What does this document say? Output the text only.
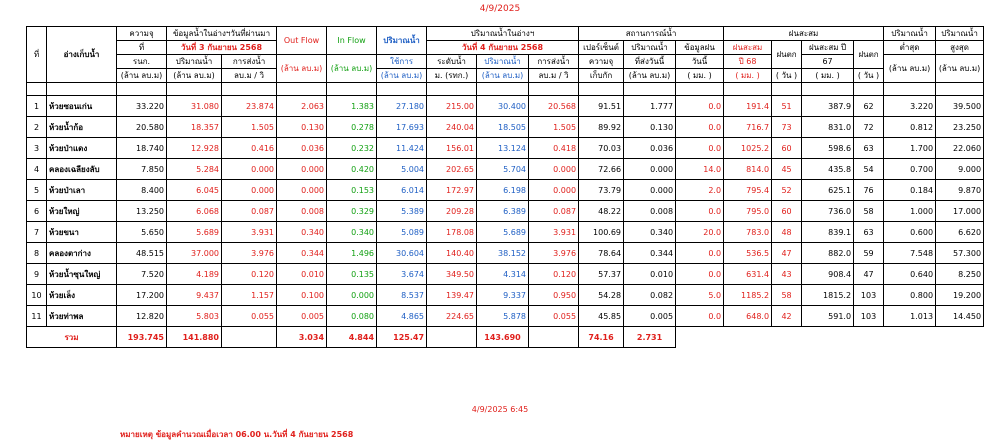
4/9/2025
ที่	อ่างเก็บน้ำ	ความจุ	ข้อมูลน้ำในอ่างฯวันที่ผ่านมา		Out Flow	In Flow	ปริมาณน้ำ	ปริมาณน้ำในอ่างฯ			สถานการณ์น้ำ			ฝนสะสม				ปริมาณน้ำ	ปริมาณน้ำ
		ที่	วันที่ 3 กันยายน 2568					วันที่ 4 กันยายน 2568			เปอร์เซ็นต์	ปริมาณน้ำ	ข้อมูลฝน	ฝนสะสม	ฝนตก	ฝนสะสม ปี	ฝนตก	ต่ำสุด	สูงสุด
		รนก.	ปริมาณน้ำ	การส่งน้ำ	(ล้าน ลบ.ม)	(ล้าน ลบ.ม)	ใช้การ	ระดับน้ำ	ปริมาณน้ำ	การส่งน้ำ	ความจุ	ที่ส่งวันนี้	วันนี้	ปี 68		67		(ล้าน ลบ.ม)	(ล้าน ลบ.ม)
		(ล้าน ลบ.ม)	(ล้าน ลบ.ม)	ลบ.ม / วิ			(ล้าน ลบ.ม)	ม. (รทก.)	(ล้าน ลบ.ม)	ลบ.ม / วิ	เก็บกัก	(ล้าน ลบ.ม)	( มม. )	( มม. )	( วัน )	( มม. )	( วัน )		

1	ห้วยซอนเก่น	33.220	31.080	23.874	2.063	1.383	27.180	215.00	30.400	20.568	91.51	1.777	0.0	191.4	51	387.9	62	3.220	39.500
2	ห้วยน้ำก้อ	20.580	18.357	1.505	0.130	0.278	17.693	240.04	18.505	1.505	89.92	0.130	0.0	716.7	73	831.0	72	0.812	23.250
3	ห้วยป่าแดง	18.740	12.928	0.416	0.036	0.232	11.424	156.01	13.124	0.418	70.03	0.036	0.0	1025.2	60	598.6	63	1.700	22.060
4	คลองเฉลียงลับ	7.850	5.284	0.000	0.000	0.420	5.004	202.65	5.704	0.000	72.66	0.000	14.0	814.0	45	435.8	54	0.700	9.000
5	ห้วยป่าเลา	8.400	6.045	0.000	0.000	0.153	6.014	172.97	6.198	0.000	73.79	0.000	2.0	795.4	52	625.1	76	0.184	9.870
6	ห้วยใหญ่	13.250	6.068	0.087	0.008	0.329	5.389	209.28	6.389	0.087	48.22	0.008	0.0	795.0	60	736.0	58	1.000	17.000
7	ห้วยขนา	5.650	5.689	3.931	0.340	0.340	5.089	178.08	5.689	3.931	100.69	0.340	20.0	783.0	48	839.1	63	0.600	6.620
8	คลองตาก่าง	48.515	37.000	3.976	0.344	1.496	30.604	140.40	38.152	3.976	78.64	0.344	0.0	536.5	47	882.0	59	7.548	57.300
9	ห้วยน้ำซุนใหญ่	7.520	4.189	0.120	0.010	0.135	3.674	349.50	4.314	0.120	57.37	0.010	0.0	631.4	43	908.4	47	0.640	8.250
10	ห้วยเล็ง	17.200	9.437	1.157	0.100	0.000	8.537	139.47	9.337	0.950	54.28	0.082	5.0	1185.2	58	1815.2	103	0.800	19.200
11	ห้วยท่าพล	12.820	5.803	0.055	0.005	0.080	4.865	224.65	5.878	0.055	45.85	0.005	0.0	648.0	42	591.0	103	1.013	14.450
รวม		193.745	141.880		3.034	4.844	125.47		143.690		74.16	2.731							
4/9/2025 6:45
หมายเหตุ ข้อมูลคำนวณเมื่อเวลา 06.00 น.วันที่ 4 กันยายน 2568
